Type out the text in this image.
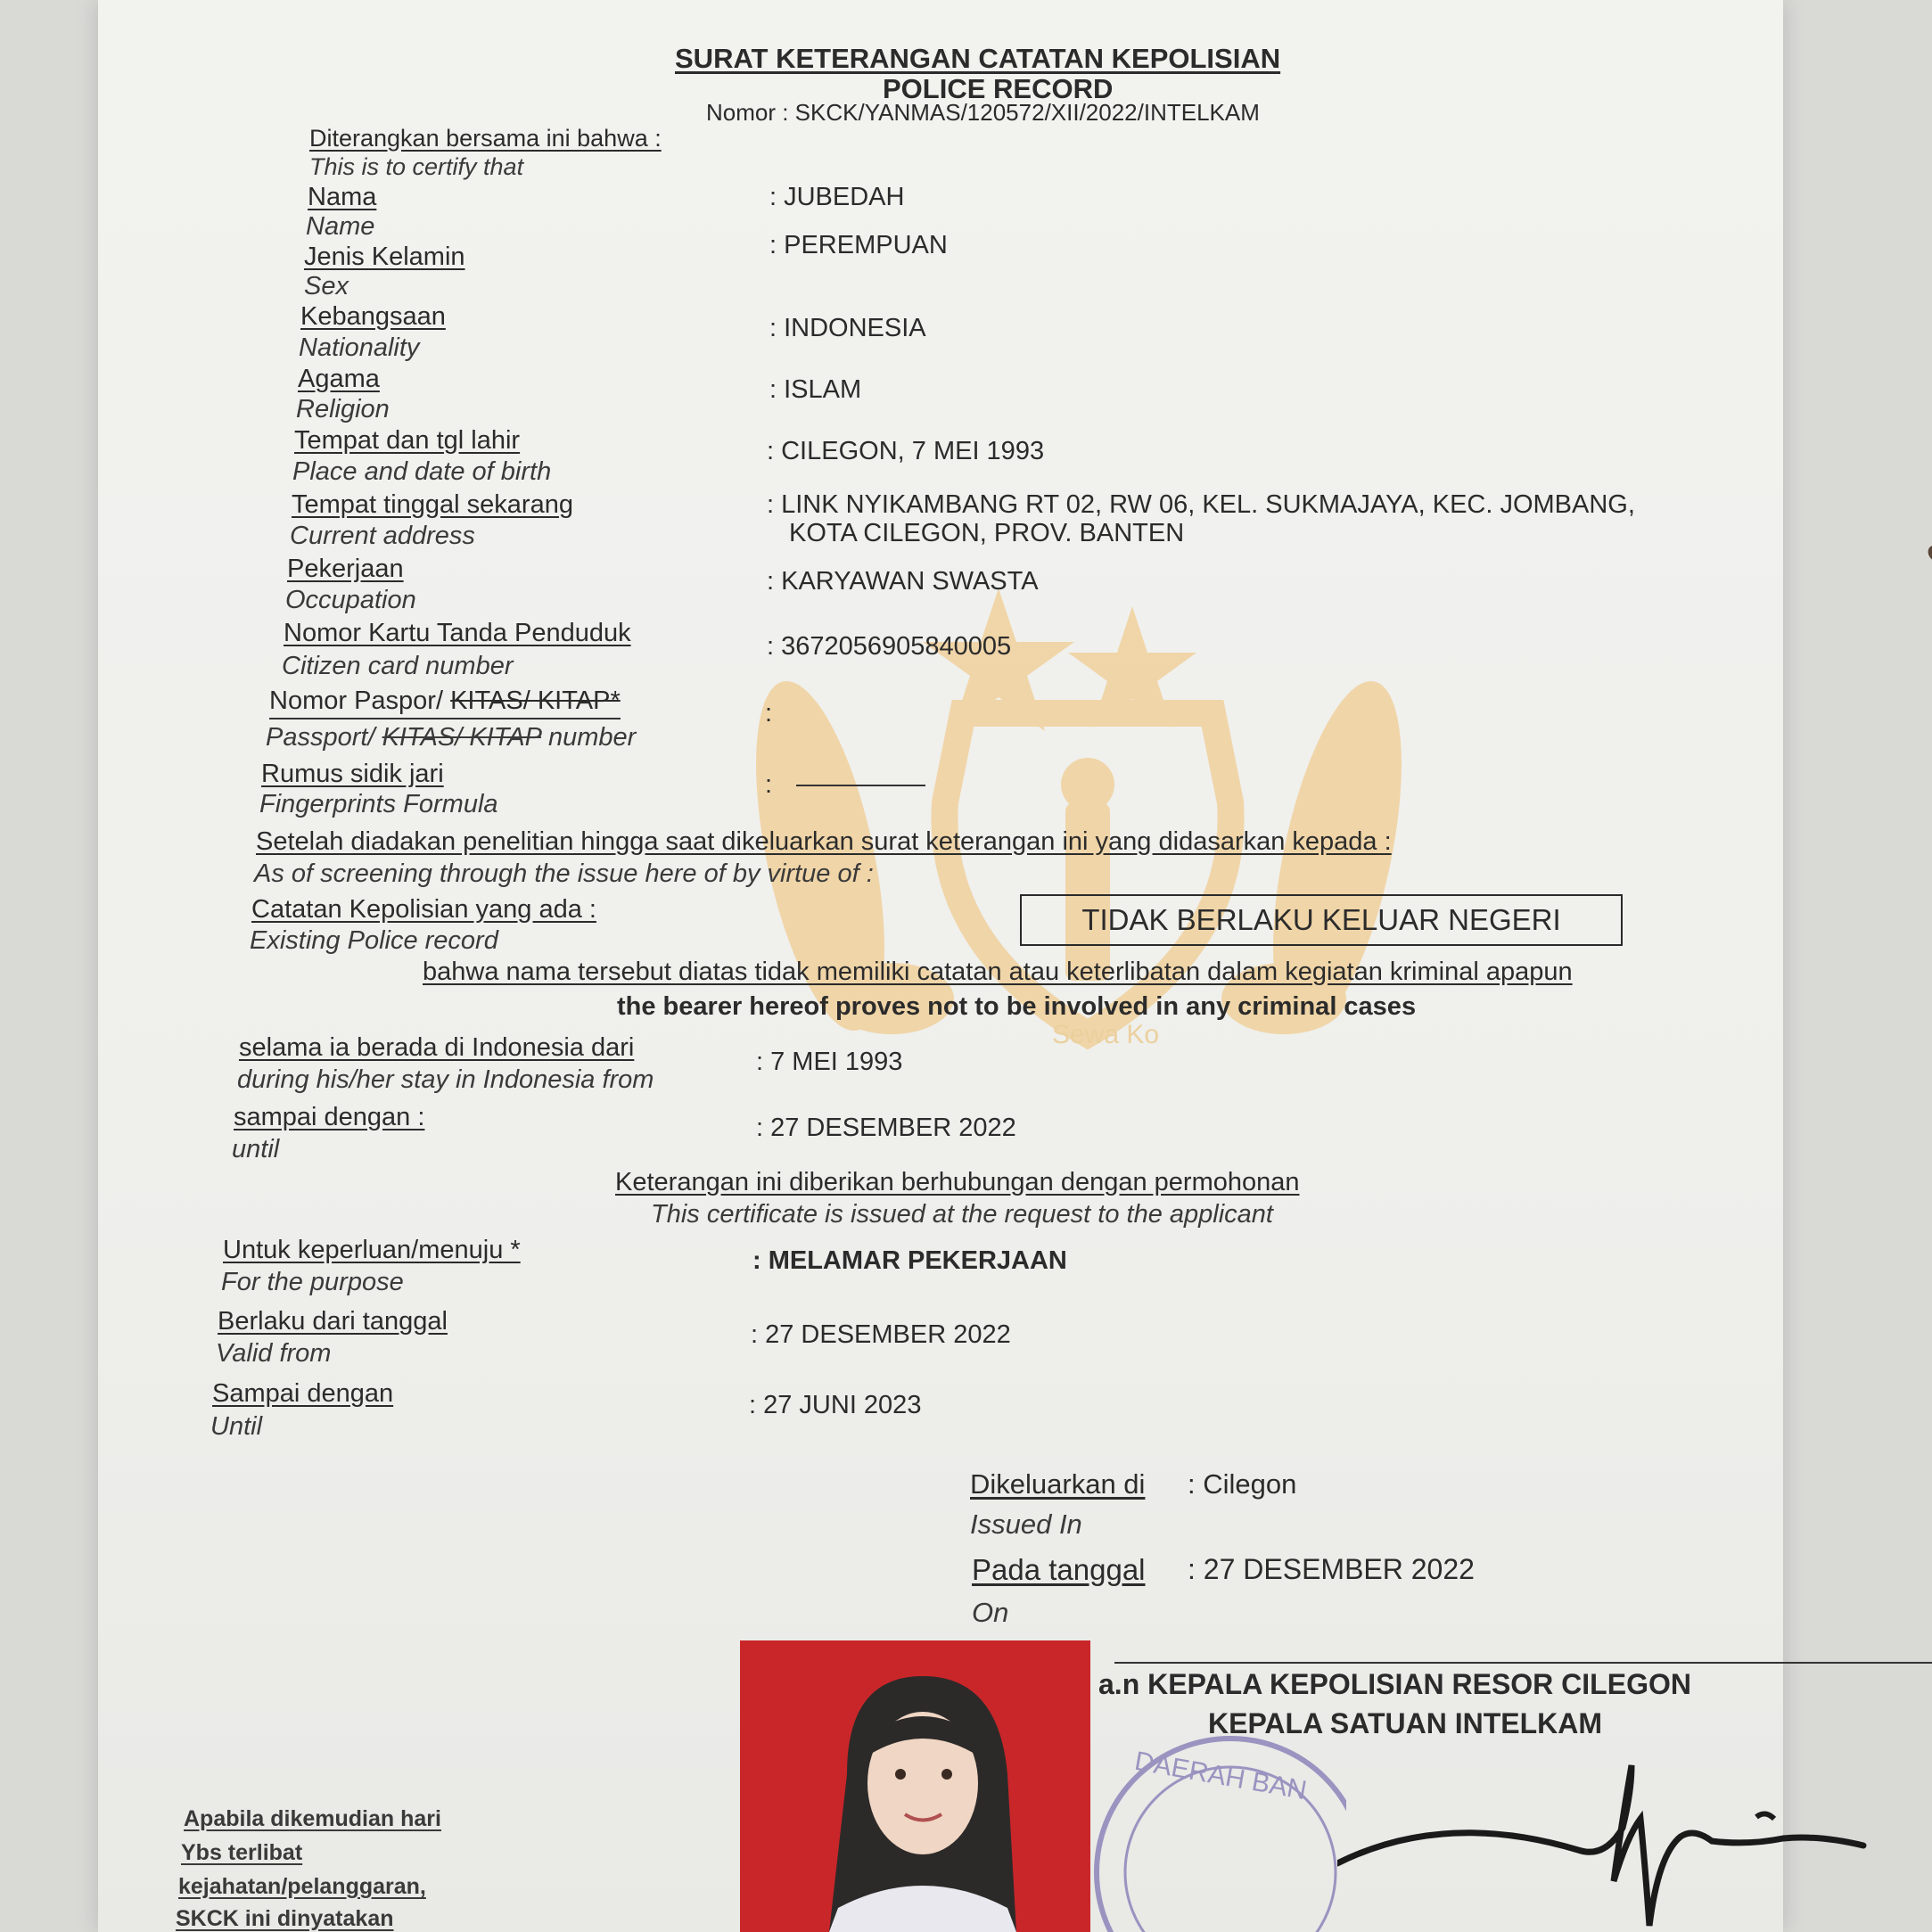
Sewa Ko
SURAT KETERANGAN CATATAN KEPOLISIAN
POLICE RECORD
Nomor : SKCK/YANMAS/120572/XII/2022/INTELKAM
Diterangkan bersama ini bahwa :
This is to certify that
Nama
Name
: JUBEDAH
Jenis Kelamin
Sex
: PEREMPUAN
Kebangsaan
Nationality
: INDONESIA
Agama
Religion
: ISLAM
Tempat dan tgl lahir
Place and date of birth
: CILEGON, 7 MEI 1993
Tempat tinggal sekarang
Current address
: LINK NYIKAMBANG RT 02, RW 06, KEL. SUKMAJAYA, KEC. JOMBANG,
KOTA CILEGON, PROV. BANTEN
Pekerjaan
Occupation
: KARYAWAN SWASTA
Nomor Kartu Tanda Penduduk
Citizen card number
: 3672056905840005
Nomor Paspor/ KITAS/ KITAP*
Passport/ KITAS/ KITAP number
:
Rumus sidik jari
Fingerprints Formula
:
Setelah diadakan penelitian hingga saat dikeluarkan surat keterangan ini yang didasarkan kepada :
As of screening through the issue here of by virtue of :
Catatan Kepolisian yang ada :
Existing Police record
TIDAK BERLAKU KELUAR NEGERI
bahwa nama tersebut diatas tidak memiliki catatan atau keterlibatan dalam kegiatan kriminal apapun
the bearer hereof proves not to be involved in any criminal cases
selama ia berada di Indonesia dari
during his/her stay in Indonesia from
: 7 MEI 1993
sampai dengan :
until
: 27 DESEMBER 2022
Keterangan ini diberikan berhubungan dengan permohonan
This certificate is issued at the request to the applicant
Untuk keperluan/menuju *
For the purpose
: MELAMAR PEKERJAAN
Berlaku dari tanggal
Valid from
: 27 DESEMBER 2022
Sampai dengan
Until
: 27 JUNI 2023
Dikeluarkan di
Issued In
: Cilegon
Pada tanggal
On
: 27 DESEMBER 2022
a.n KEPALA KEPOLISIAN RESOR CILEGON
KEPALA SATUAN INTELKAM
DAERAH BAN
Apabila dikemudian hari
Ybs terlibat
kejahatan/pelanggaran,
SKCK ini dinyatakan
